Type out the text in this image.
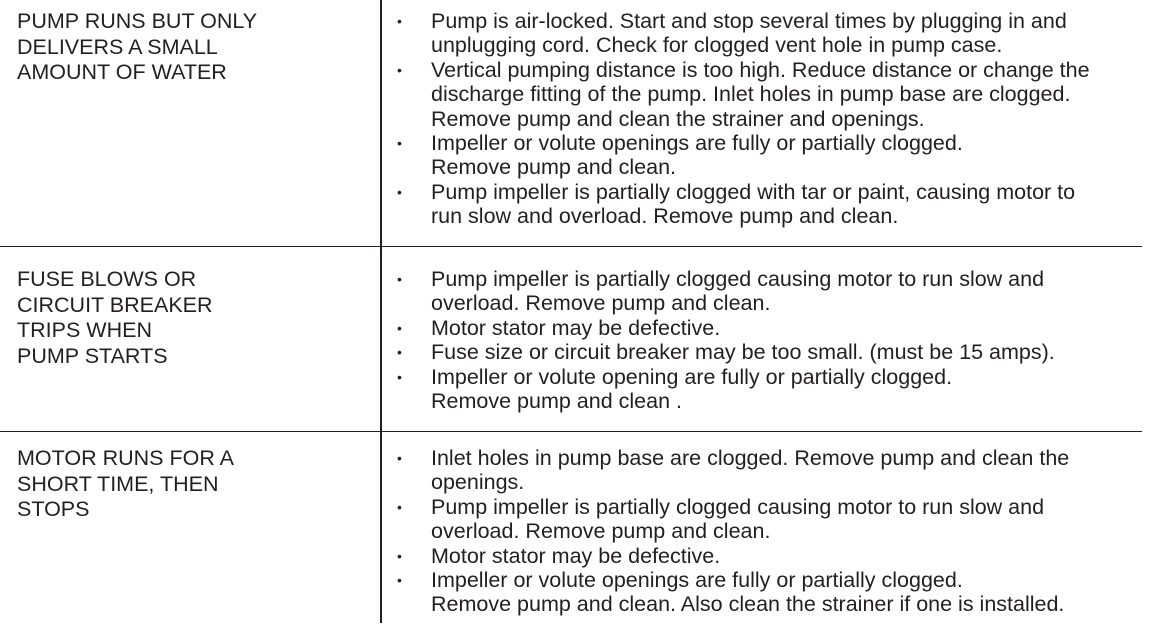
PUMP RUNS BUT ONLY
DELIVERS A SMALL
AMOUNT OF WATER
•	Pump is air-locked. Start and stop several times by plugging in and
unplugging cord. Check for clogged vent hole in pump case.
•	Vertical pumping distance is too high. Reduce distance or change the
discharge fitting of the pump. Inlet holes in pump base are clogged.
Remove pump and clean the strainer and openings.
•	Impeller or volute openings are fully or partially clogged.
Remove pump and clean.
•	Pump impeller is partially clogged with tar or paint, causing motor to
run slow and overload. Remove pump and clean.
FUSE BLOWS OR
CIRCUIT BREAKER
TRIPS WHEN
PUMP STARTS
•	Pump impeller is partially clogged causing motor to run slow and
overload. Remove pump and clean.
•	Motor stator may be defective.
•	Fuse size or circuit breaker may be too small. (must be 15 amps).
•	Impeller or volute opening are fully or partially clogged.
Remove pump and clean .
MOTOR RUNS FOR A
SHORT TIME, THEN
STOPS
•	Inlet holes in pump base are clogged. Remove pump and clean the
openings.
•	Pump impeller is partially clogged causing motor to run slow and
overload. Remove pump and clean.
•	Motor stator may be defective.
•	Impeller or volute openings are fully or partially clogged.
Remove pump and clean. Also clean the strainer if one is installed.
